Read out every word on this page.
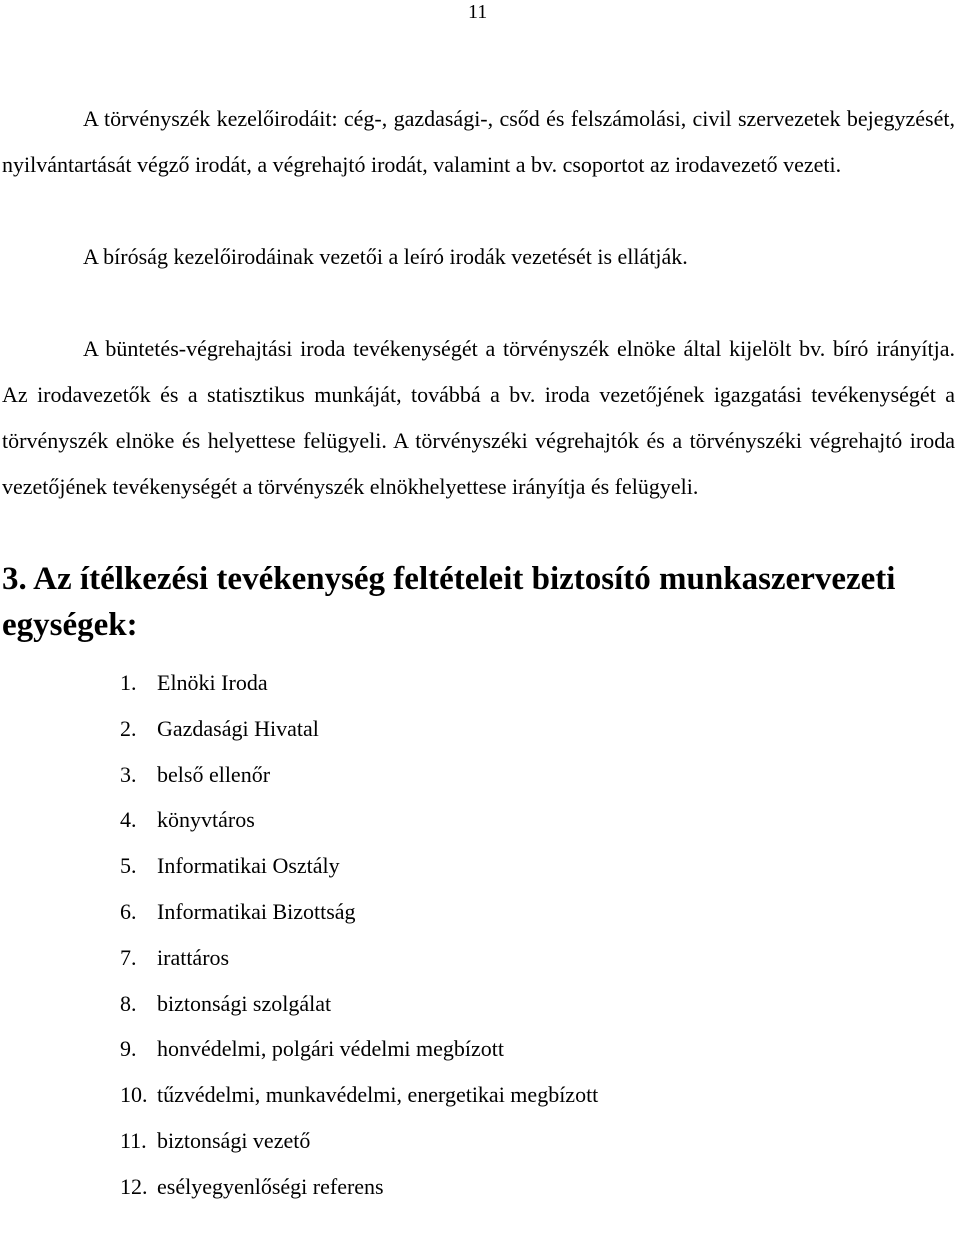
11

A törvényszék kezelőirodáit: cég-, gazdasági-, csőd és felszámolási, civil szervezetek bejegyzését, nyilvántartását végző irodát, a végrehajtó irodát, valamint a bv. csoportot az irodavezető vezeti.

A bíróság kezelőirodáinak vezetői a leíró irodák vezetését is ellátják.

A büntetés-végrehajtási iroda tevékenységét a törvényszék elnöke által kijelölt bv. bíró irányítja. Az irodavezetők és a statisztikus munkáját, továbbá a bv. iroda vezetőjének igazgatási tevékenységét a törvényszék elnöke és helyettese felügyeli. A törvényszéki végrehajtók és a törvényszéki végrehajtó iroda vezetőjének tevékenységét a törvényszék elnökhelyettese irányítja és felügyeli.

3. Az ítélkezési tevékenység feltételeit biztosító munkaszervezeti egységek:
1. Elnöki Iroda
2. Gazdasági Hivatal
3. belső ellenőr
4. könyvtáros
5. Informatikai Osztály
6. Informatikai Bizottság
7. irattáros
8. biztonsági szolgálat
9. honvédelmi, polgári védelmi megbízott
10. tűzvédelmi, munkavédelmi, energetikai megbízott
11. biztonsági vezető
12. esélyegyenlőségi referens
